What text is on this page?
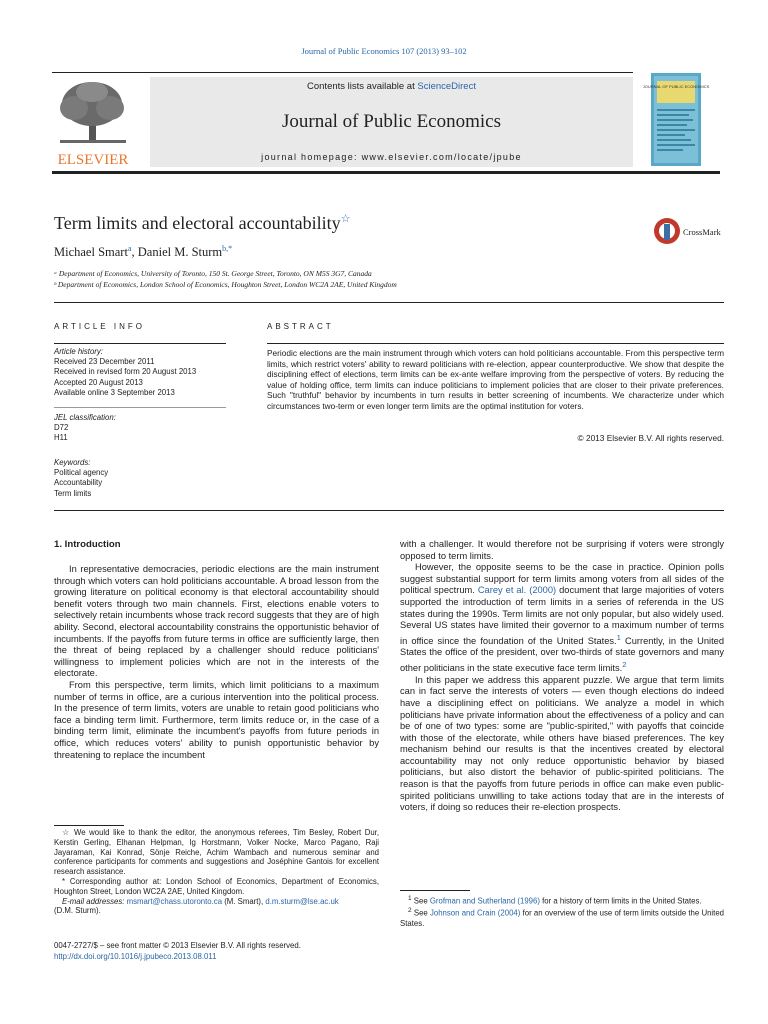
Journal of Public Economics 107 (2013) 93–102
ELSEVIER
Contents lists available at ScienceDirect
Journal of Public Economics
journal homepage: www.elsevier.com/locate/jpube
JOURNAL OF PUBLIC ECONOMICS
Term limits and electoral accountability☆
CrossMark
Michael Smart$^a$, Daniel M. Sturm$^{b,*}$
ᵃ Department of Economics, University of Toronto, 150 St. George Street, Toronto, ON M5S 3G7, Canada
ᵇ Department of Economics, London School of Economics, Houghton Street, London WC2A 2AE, United Kingdom
ARTICLE INFO
Article history:
Received 23 December 2011
Received in revised form 20 August 2013
Accepted 20 August 2013
Available online 3 September 2013
JEL classification:
D72
H11
Keywords:
Political agency
Accountability
Term limits
ABSTRACT
Periodic elections are the main instrument through which voters can hold politicians accountable. From this perspective term limits, which restrict voters' ability to reward politicians with re-election, appear counterproductive. We show that despite the disciplining effect of elections, term limits can be ex-ante welfare improving from the perspective of voters. By reducing the value of holding office, term limits can induce politicians to implement policies that are closer to their private preferences. Such "truthful" behavior by incumbents in turn results in better screening of incumbents. We characterize under which circumstances two-term or even longer term limits are the optimal institution for voters.
© 2013 Elsevier B.V. All rights reserved.
1. Introduction

In representative democracies, periodic elections are the main instrument through which voters can hold politicians accountable. A broad lesson from the growing literature on political economy is that electoral accountability should benefit voters through two main channels. First, elections enable voters to selectively retain incumbents whose track record suggests that they are of high ability. Second, electoral accountability constrains the opportunistic behavior of incumbents. If the payoffs from future terms in office are sufficiently large, then the threat of being replaced by a challenger should reduce politicians' willingness to implement policies which are not in the interests of the electorate.

From this perspective, term limits, which limit politicians to a maximum number of terms in office, are a curious intervention into the political process. In the presence of term limits, voters are unable to retain good politicians who face a binding term limit. Furthermore, term limits reduce or, in the case of a binding term limit, eliminate the incumbent's payoffs from future periods in office, which reduces voters' ability to punish opportunistic behavior by threatening to replace the incumbent

☆ We would like to thank the editor, the anonymous referees, Tim Besley, Robert Dur, Kerstin Gerling, Elhanan Helpman, Ig Horstmann, Volker Nocke, Marco Pagano, Raji Jayaraman, Kai Konrad, Sönje Reiche, Achim Wambach and numerous seminar and conference participants for comments and suggestions and Joséphine Gantois for excellent research assistance.

* Corresponding author at: London School of Economics, Department of Economics, Houghton Street, London WC2A 2AE, United Kingdom.

E-mail addresses: msmart@chass.utoronto.ca (M. Smart), d.m.sturm@lse.ac.uk

(D.M. Sturm).

with a challenger. It would therefore not be surprising if voters were strongly opposed to term limits.

However, the opposite seems to be the case in practice. Opinion polls suggest substantial support for term limits among voters from all sides of the political spectrum. Carey et al. (2000) document that large majorities of voters supported the introduction of term limits in a series of referenda in the US states during the 1990s. Term limits are not only popular, but also widely used. Several US states have limited their governor to a maximum number of terms in office since the foundation of the United States.$^1$ Currently, in the United States the office of the president, over two-thirds of state governors and many other politicians in the state executive face term limits.$^2$

In this paper we address this apparent puzzle. We argue that term limits can in fact serve the interests of voters — even though elections do indeed have a disciplining effect on politicians. We analyze a model in which politicians have private information about the effectiveness of a policy and can be of one of two types: some are "public-spirited," with payoffs that coincide with those of the electorate, while others have biased preferences. The key mechanism behind our results is that the incentives created by electoral accountability may not only reduce opportunistic behavior by biased politicians, but also distort the behavior of public-spirited politicians. The reason is that the payoffs from future periods in office can make even public-spirited politicians unwilling to take actions today that are in the interests of voters, if doing so reduces their re-election prospects.

$^1$ See Grofman and Sutherland (1996) for a history of term limits in the United States.

$^2$ See Johnson and Crain (2004) for an overview of the use of term limits outside the United States.

0047-2727/$ – see front matter © 2013 Elsevier B.V. All rights reserved.
http://dx.doi.org/10.1016/j.jpubeco.2013.08.011
